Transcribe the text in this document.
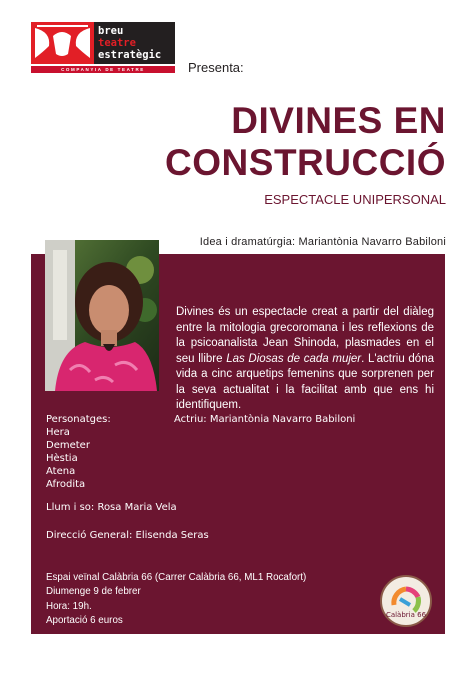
breu
teatre
estratègic
COMPANYIA DE TEATRE	Presenta:
DIVINES EN
CONSTRUCCIÓ
ESPECTACLE UNIPERSONAL
Idea i dramatúrgia: Mariantònia Navarro Babiloni
Divines és un espectacle creat a partir del diàleg entre la mitologia grecoromana i les reflexions de la psicoanalista Jean Shinoda, plasmades en el seu llibre Las Diosas de cada mujer. L'actriu dóna vida a cinc arquetips femenins que sorprenen per la seva actualitat i la facilitat amb que ens hi identifiquem.
Personatges:
Hera
Demeter
Hèstia
Atena
Afrodita
Actriu: Mariantònia Navarro Babiloni
Llum i so: Rosa Maria Vela
Direcció General: Elisenda Seras
Espai veïnal Calàbria 66 (Carrer Calàbria 66, ML1 Rocafort)
Diumenge 9 de febrer
Hora: 19h.
Aportació 6 euros	Calàbria 66
